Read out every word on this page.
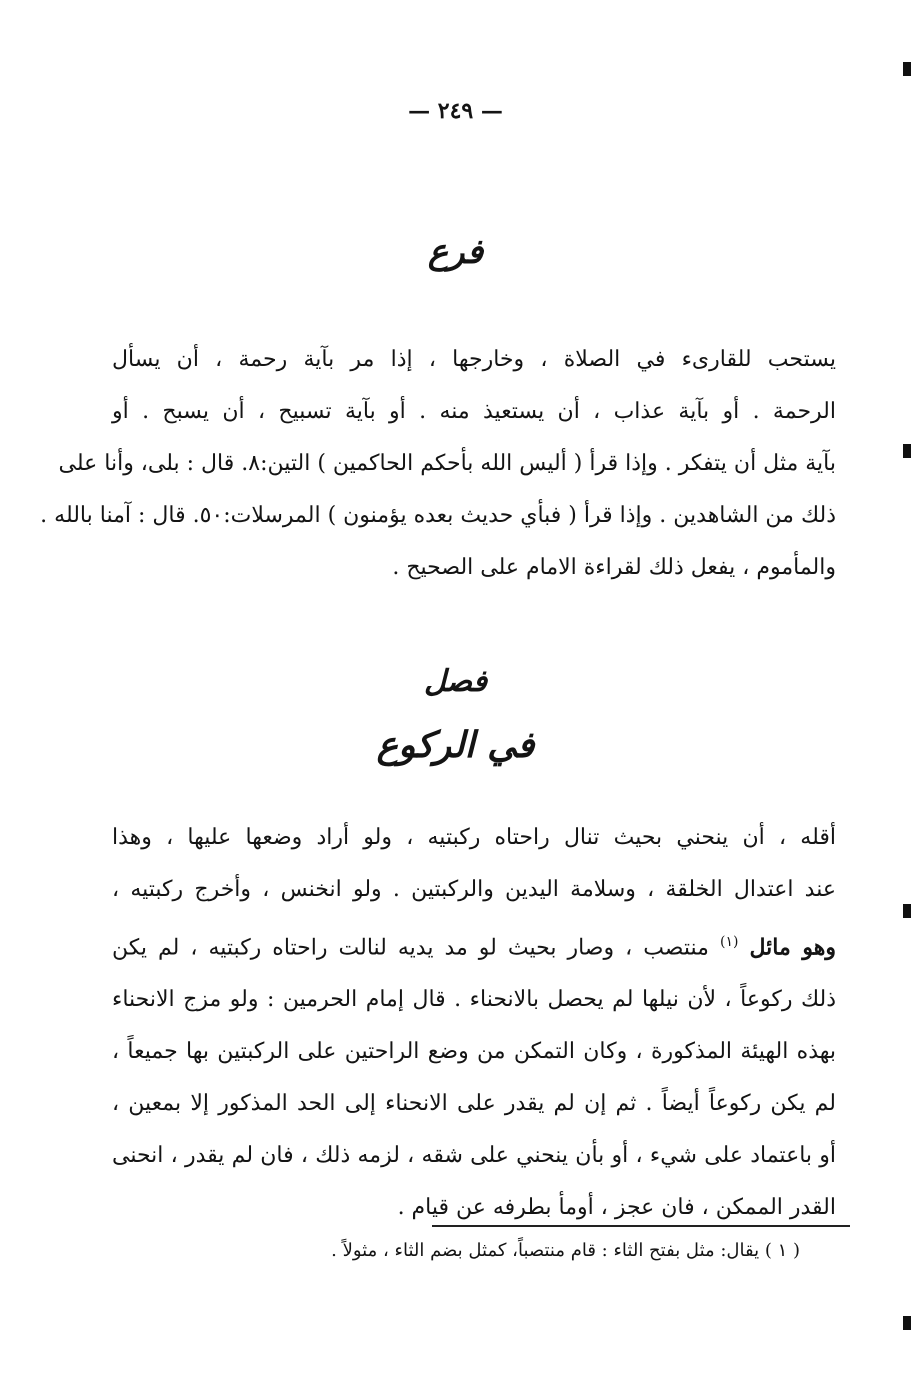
— ٢٤٩ —
فرع
يستحب للقارىء في الصلاة ، وخارجها ، إذا مر بآية رحمة ، أن يسأل
الرحمة . أو بآية عذاب ، أن يستعيذ منه . أو بآية تسبيح ، أن يسبح . أو
بآية مثل أن يتفكر . وإذا قرأ ( أليس الله بأحكم الحاكمين ) التين:٨. قال : بلى، وأنا على
ذلك من الشاهدين . وإذا قرأ ( فبأي حديث بعده يؤمنون ) المرسلات:٥٠. قال : آمنا بالله .
والمأموم ، يفعل ذلك لقراءة الامام على الصحيح .
فصل
في الركوع
أقله ، أن ينحني بحيث تنال راحتاه ركبتيه ، ولو أراد وضعها عليها ، وهذا
عند اعتدال الخلقة ، وسلامة اليدين والركبتين . ولو انخنس ، وأخرج ركبتيه ،
وهو مائل $^{(١)}$ منتصب ، وصار بحيث لو مد يديه لنالت راحتاه ركبتيه ، لم يكن
ذلك ركوعاً ، لأن نيلها لم يحصل بالانحناء . قال إمام الحرمين : ولو مزج الانحناء
بهذه الهيئة المذكورة ، وكان التمكن من وضع الراحتين على الركبتين بها جميعاً ،
لم يكن ركوعاً أيضاً . ثم إن لم يقدر على الانحناء إلى الحد المذكور إلا بمعين ،
أو باعتماد على شيء ، أو بأن ينحني على شقه ، لزمه ذلك ، فان لم يقدر ، انحنى
القدر الممكن ، فان عجز ، أومأ بطرفه عن قيام .
( ١ ) يقال: مثل بفتح الثاء : قام منتصباً، كمثل بضم الثاء ، مثولاً .
